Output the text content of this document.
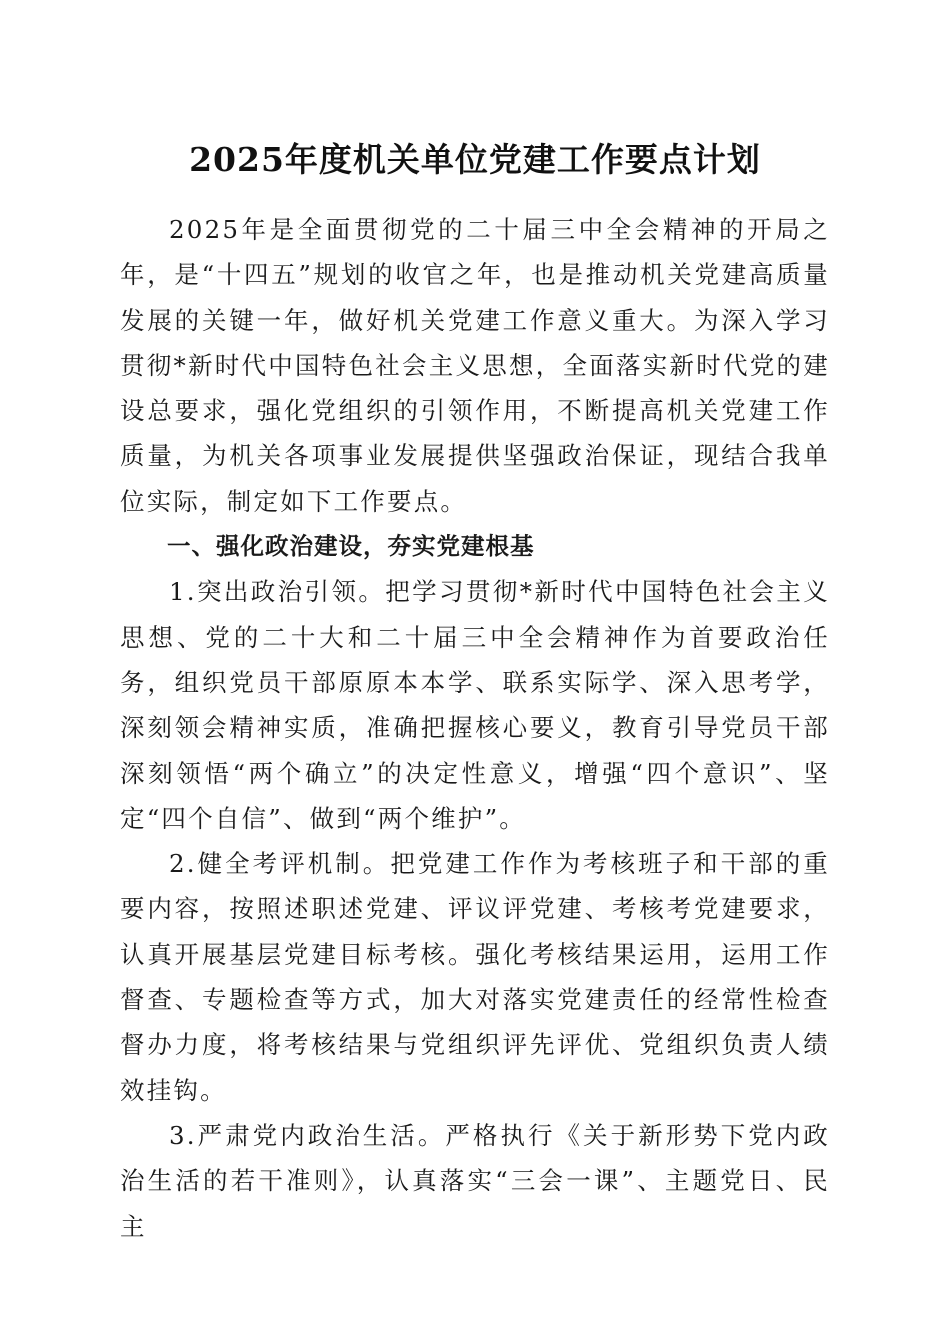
2025年度机关单位党建工作要点计划

2025年是全面贯彻党的二十届三中全会精神的开局之年，是“十四五”规划的收官之年，也是推动机关党建高质量发展的关键一年，做好机关党建工作意义重大。为深入学习贯彻*新时代中国特色社会主义思想，全面落实新时代党的建设总要求，强化党组织的引领作用，不断提高机关党建工作质量，为机关各项事业发展提供坚强政治保证，现结合我单位实际，制定如下工作要点。

一、强化政治建设，夯实党建根基

1.突出政治引领。把学习贯彻*新时代中国特色社会主义思想、党的二十大和二十届三中全会精神作为首要政治任务，组织党员干部原原本本学、联系实际学、深入思考学，深刻领会精神实质，准确把握核心要义，教育引导党员干部深刻领悟“两个确立”的决定性意义，增强“四个意识”、坚定“四个自信”、做到“两个维护”。

2.健全考评机制。把党建工作作为考核班子和干部的重要内容，按照述职述党建、评议评党建、考核考党建要求，认真开展基层党建目标考核。强化考核结果运用，运用工作督查、专题检查等方式，加大对落实党建责任的经常性检查督办力度，将考核结果与党组织评先评优、党组织负责人绩效挂钩。

3.严肃党内政治生活。严格执行《关于新形势下党内政治生活的若干准则》，认真落实“三会一课”、主题党日、民主
